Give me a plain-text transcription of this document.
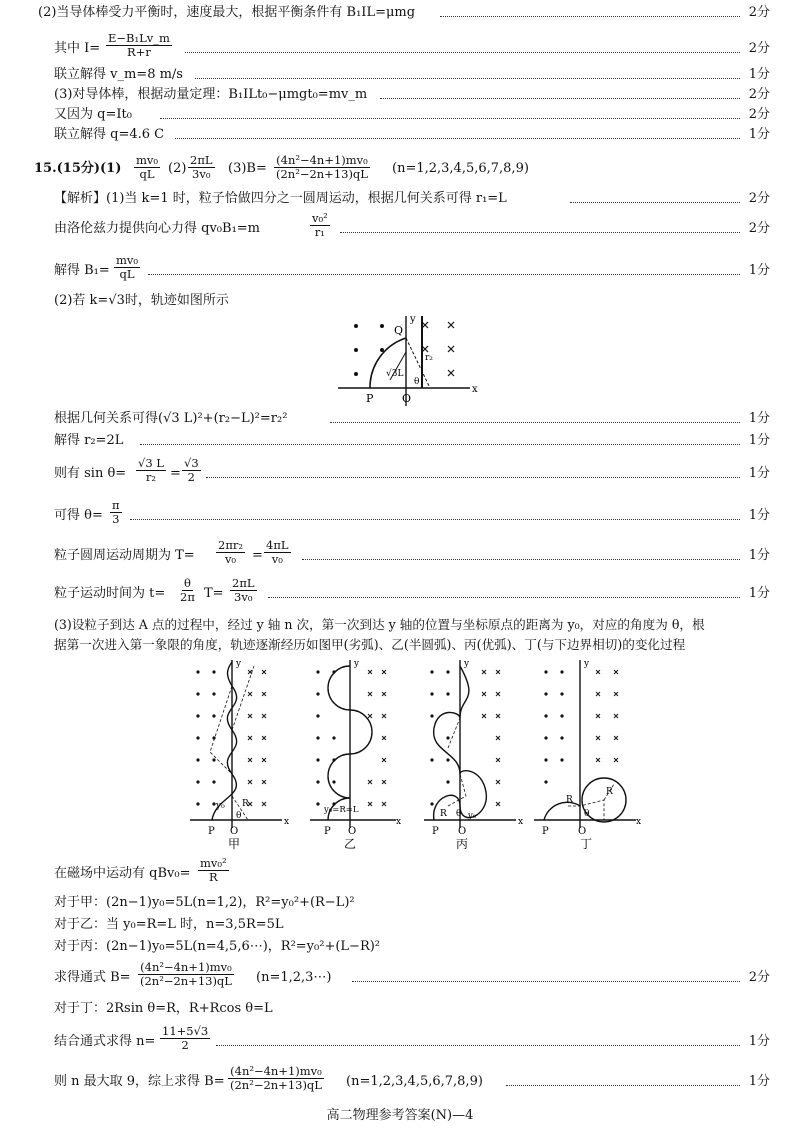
(2)当导体棒受力平衡时，速度最大，根据平衡条件有 B₁IL=μmg	2分
其中 $I= \frac{\text{E−B₁Lv\_m}}{R+r}$	2分
联立解得 v_m=8 m/s	1分
(3)对导体棒，根据动量定理：B₁ILt₀−μmgt₀=mv_m	2分
又因为 q=It₀	2分
联立解得 q=4.6 C	1分
15.(15分)$(1) \frac{\text{mv₀}}{qL} (2) \frac{2\pi L}{\text{3v₀}} (3)B= \frac{\text{(4n²−4n+1)mv₀}}{\text{(2n²−2n+13)qL}} (n=1,2,3,4,5,6,7,8,9)$
【解析】(1)当 k=1 时，粒子恰做四分之一圆周运动，根据几何关系可得 r₁=L	2分
由洛伦兹力提供向心力得 qv₀B₁=m	$\frac{\text{v₀²}}{\text{r₁}}$	2分
解得 $B_1= \frac{\text{mv₀}}{qL}$	1分
(2)若 k=√3时，轨迹如图所示
Q
y
x
P	O
r₂
√3L
θ
根据几何关系可得(√3 L)²+(r₂−L)²=r₂²	1分
解得 r₂=2L	1分
则有 $\sin \theta= \frac{√3 L}{\text{r₂}} = \frac{√3}{2}$	1分
可得 $\theta= \frac{\pi}{3}$	1分
粒子圆周运动周期为 $T= \frac{\text{2πr₂}}{\text{v₀}} = \frac{4\pi L}{\text{v₀}}$	1分
粒子运动时间为 $t= \frac{\theta}{2\pi} T= \frac{2\pi L}{\text{3v₀}}$	1分
(3)设粒子到达 A 点的过程中，经过 y 轴 n 次，第一次到达 y 轴的位置与坐标原点的距离为 y₀，对应的角度为 θ，根
据第一次进入第一象限的角度，轨迹逐渐经历如图甲(劣弧)、乙(半圆弧)、丙(优弧)、丁(与下边界相切)的变化过程
y₀ R
θ
y
x
P O
甲
y₀=R=L
y
x
P O
乙
R y₀
θ
y
x
P O
丙
R
R
θ
y
x
P	O
丁
在磁场中运动有 $qBv_0= \frac{\text{mv₀²}}{R}$
对于甲：(2n−1)y₀=5L(n=1,2)，R²=y₀²+(R−L)²
对于乙：当 y₀=R=L 时，n=3,5R=5L
对于丙：(2n−1)y₀=5L(n=4,5,6⋯)，R²=y₀²+(L−R)²
求得通式 $B= \frac{\text{(4n²−4n+1)mv₀}}{\text{(2n²−2n+13)qL}}$ (n=1,2,3⋯)	2分
对于丁：2Rsin θ=R，R+Rcos θ=L
结合通式求得 $n= \frac{11+5√3}{2}$	1分
则 n 最大取 9，综上求得 $B= \frac{\text{(4n²−4n+1)mv₀}}{\text{(2n²−2n+13)qL}} (n=1,2,3,4,5,6,7,8,9)$	1分
高二物理参考答案(N)—4
